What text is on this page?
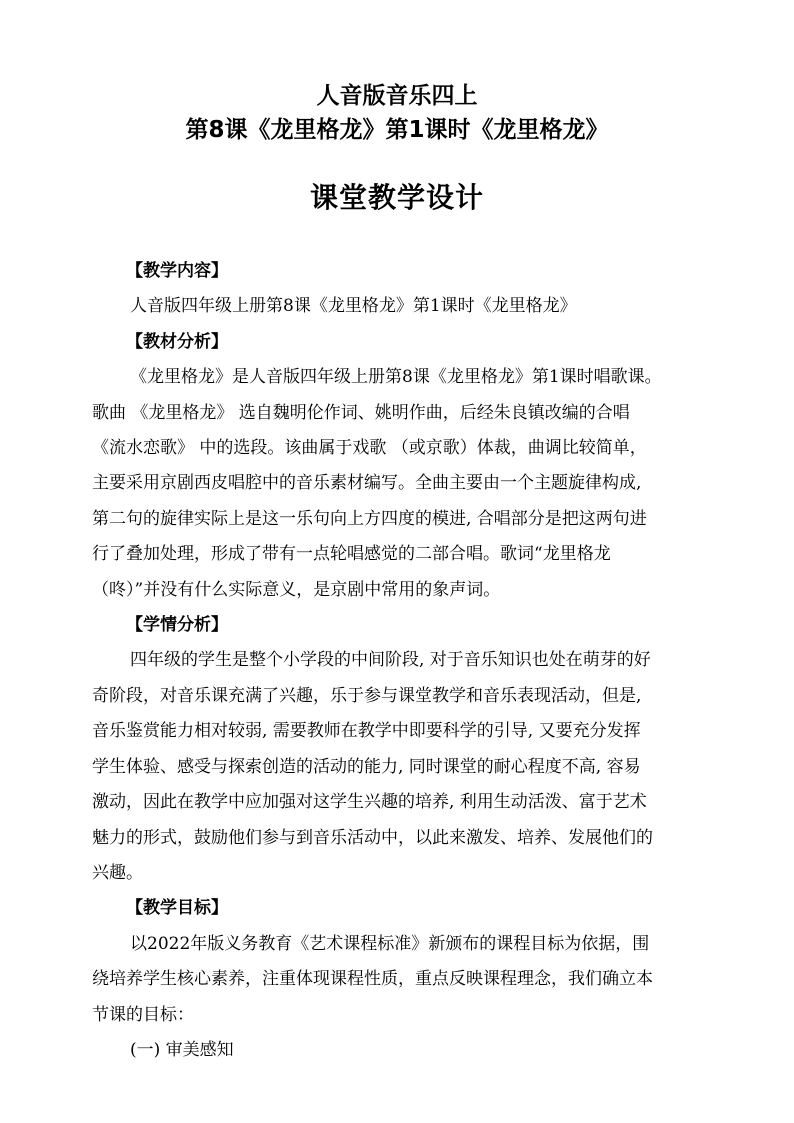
人音版音乐四上
第8课《龙里格龙》第1课时《龙里格龙》
课堂教学设计
【教学内容】
人音版四年级上册第8课《龙里格龙》第1课时《龙里格龙》
【教材分析】
《龙里格龙》是人音版四年级上册第8课《龙里格龙》第1课时唱歌课。
歌曲 《龙里格龙》 选自魏明伦作词、姚明作曲，后经朱良镇改编的合唱
《流水恋歌》 中的选段。该曲属于戏歌 （或京歌）体裁，曲调比较简单，
主要采用京剧西皮唱腔中的音乐素材编写。全曲主要由一个主题旋律构成,
第二句的旋律实际上是这一乐句向上方四度的模进, 合唱部分是把这两句进
行了叠加处理，形成了带有一点轮唱感觉的二部合唱。歌词“龙里格龙
（咚）”并没有什么实际意义，是京剧中常用的象声词。
【学情分析】
四年级的学生是整个小学段的中间阶段, 对于音乐知识也处在萌芽的好
奇阶段，对音乐课充满了兴趣，乐于参与课堂教学和音乐表现活动，但是,
音乐鉴赏能力相对较弱, 需要教师在教学中即要科学的引导, 又要充分发挥
学生体验、感受与探索创造的活动的能力, 同时课堂的耐心程度不高, 容易
激动，因此在教学中应加强对这学生兴趣的培养, 利用生动活泼、富于艺术
魅力的形式，鼓励他们参与到音乐活动中，以此来激发、培养、发展他们的
兴趣。
【教学目标】
以2022年版义务教育《艺术课程标准》新颁布的课程目标为依据，围
绕培养学生核心素养，注重体现课程性质，重点反映课程理念，我们确立本
节课的目标：
(一) 审美感知
